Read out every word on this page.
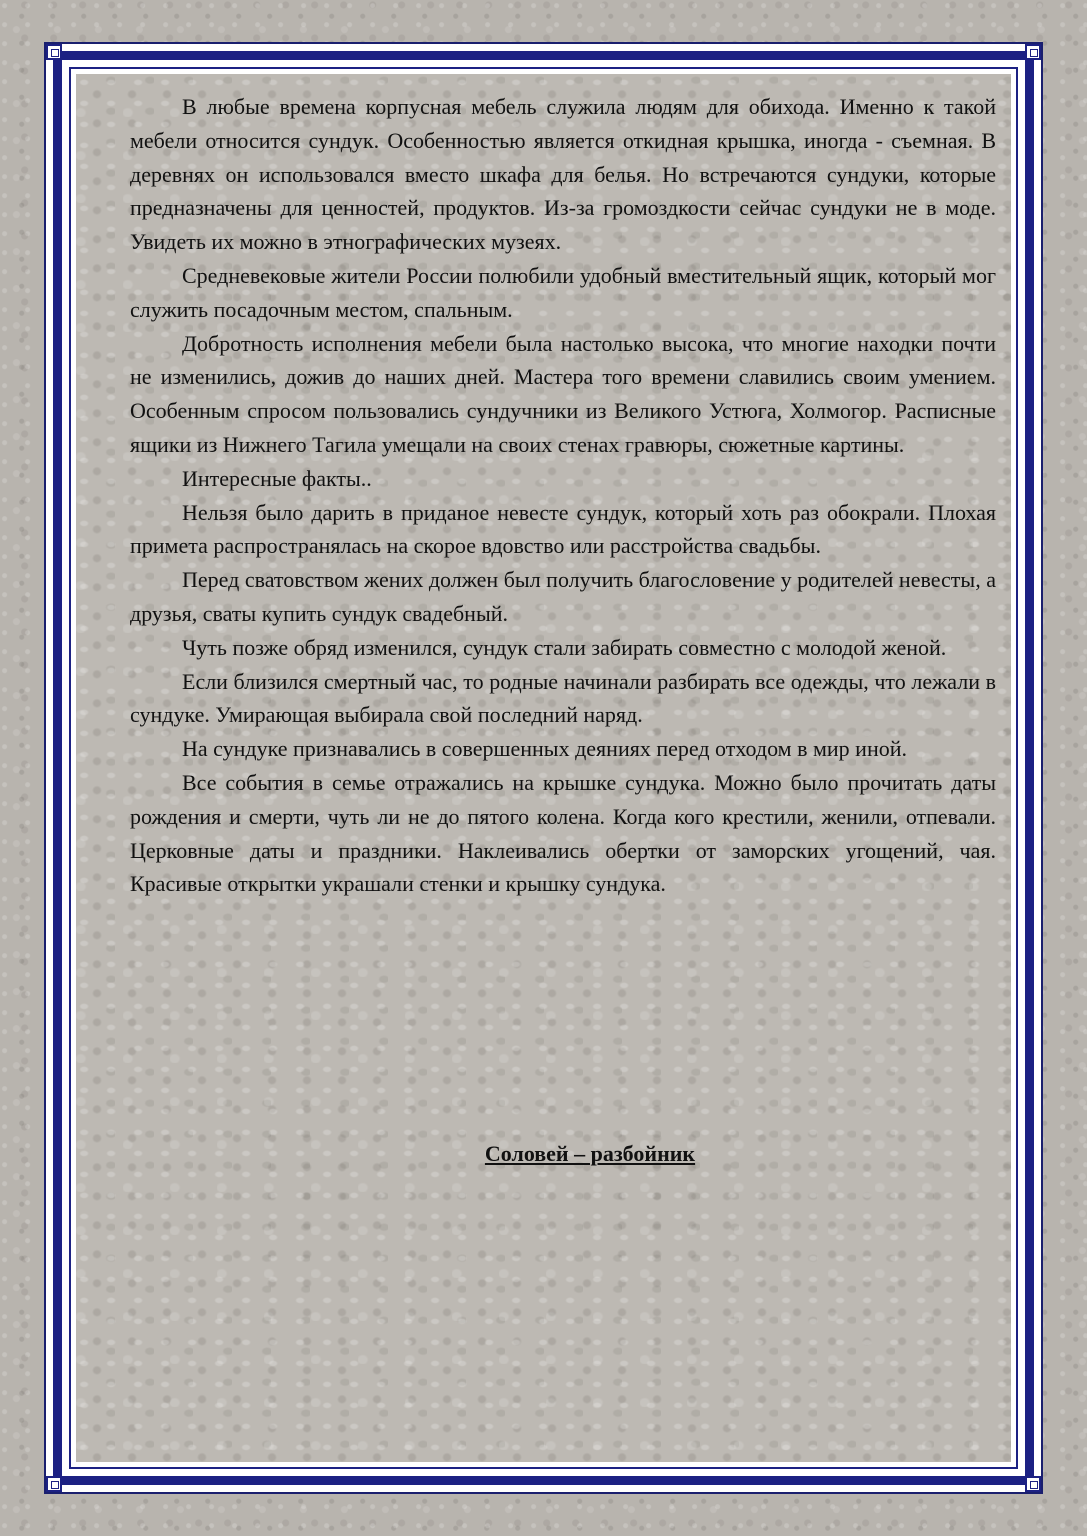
В любые времена корпусная мебель служила людям для обихода. Именно к такой мебели относится сундук. Особенностью является откидная крышка, иногда - съемная. В деревнях он использовался вместо шкафа для белья. Но встречаются сундуки, которые предназначены для ценностей, продуктов. Из-за громоздкости сейчас сундуки не в моде. Увидеть их можно в этнографических музеях.

Средневековые жители России полюбили удобный вместительный ящик, который мог служить посадочным местом, спальным.

Добротность исполнения мебели была настолько высока, что многие находки почти не изменились, дожив до наших дней. Мастера того времени славились своим умением. Особенным спросом пользовались сундучники из Великого Устюга, Холмогор. Расписные ящики из Нижнего Тагила умещали на своих стенах гравюры, сюжетные картины.

Интересные факты..

Нельзя было дарить в приданое невесте сундук, который хоть раз обокрали. Плохая примета распространялась на скорое вдовство или расстройства свадьбы.

Перед сватовством жених должен был получить благословение у родителей невесты, а друзья, сваты купить сундук свадебный.

Чуть позже обряд изменился, сундук стали забирать совместно с молодой женой.

Если близился смертный час, то родные начинали разбирать все одежды, что лежали в сундуке. Умирающая выбирала свой последний наряд.

На сундуке признавались в совершенных деяниях перед отходом в мир иной.

Все события в семье отражались на крышке сундука. Можно было прочитать даты рождения и смерти, чуть ли не до пятого колена. Когда кого крестили, женили, отпевали. Церковные даты и праздники. Наклеивались обертки от заморских угощений, чая. Красивые открытки украшали стенки и крышку сундука.

Соловей – разбойник
